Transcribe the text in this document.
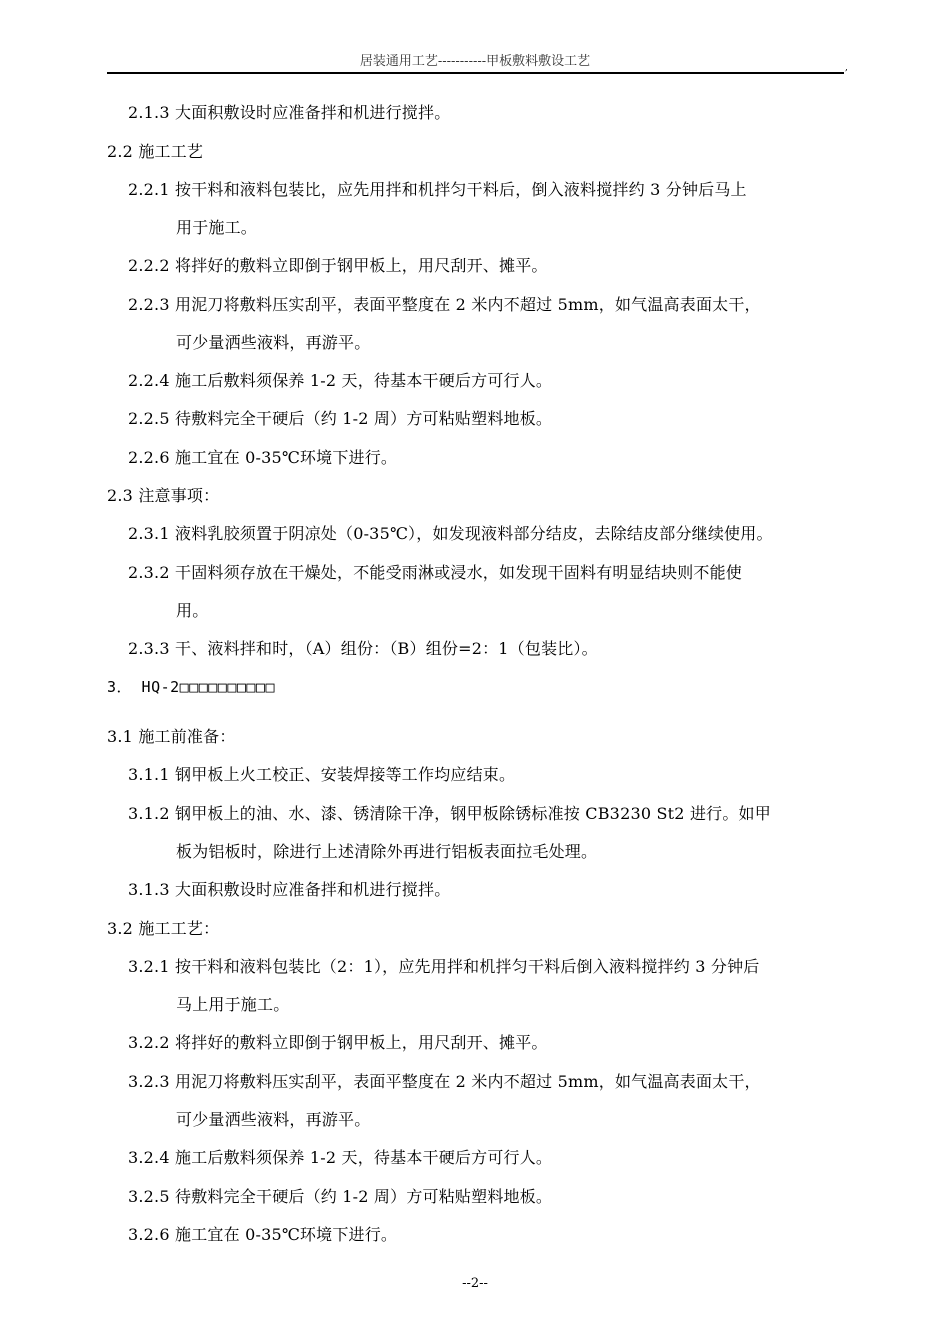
居装通用工艺-----------甲板敷料敷设工艺	,

2.1.3 大面积敷设时应准备拌和机进行搅拌。

2.2 施工工艺

2.2.1 按干料和液料包装比，应先用拌和机拌匀干料后，倒入液料搅拌约 3 分钟后马上

用于施工。

2.2.2 将拌好的敷料立即倒于钢甲板上，用尺刮开、摊平。

2.2.3 用泥刀将敷料压实刮平，表面平整度在 2 米内不超过 5mm，如气温高表面太干，

可少量洒些液料，再游平。

2.2.4 施工后敷料须保养 1-2 天，待基本干硬后方可行人。

2.2.5 待敷料完全干硬后（约 1-2 周）方可粘贴塑料地板。

2.2.6 施工宜在 0-35℃环境下进行。

2.3 注意事项：

2.3.1 液料乳胶须置于阴凉处（0-35℃），如发现液料部分结皮，去除结皮部分继续使用。

2.3.2 干固料须存放在干燥处，不能受雨淋或浸水，如发现干固料有明显结块则不能使

用。

2.3.3 干、液料拌和时，（A）组份：（B）组份=2：1（包装比）。

3． HQ-2□□□□□□□□□□

3.1 施工前准备：

3.1.1 钢甲板上火工校正、安装焊接等工作均应结束。

3.1.2 钢甲板上的油、水、漆、锈清除干净，钢甲板除锈标准按 CB3230 St2 进行。如甲

板为铝板时，除进行上述清除外再进行铝板表面拉毛处理。

3.1.3 大面积敷设时应准备拌和机进行搅拌。

3.2 施工工艺：

3.2.1 按干料和液料包装比（2：1），应先用拌和机拌匀干料后倒入液料搅拌约 3 分钟后

马上用于施工。

3.2.2 将拌好的敷料立即倒于钢甲板上，用尺刮开、摊平。

3.2.3 用泥刀将敷料压实刮平，表面平整度在 2 米内不超过 5mm，如气温高表面太干，

可少量洒些液料，再游平。

3.2.4 施工后敷料须保养 1-2 天，待基本干硬后方可行人。

3.2.5 待敷料完全干硬后（约 1-2 周）方可粘贴塑料地板。

3.2.6 施工宜在 0-35℃环境下进行。

--2--
